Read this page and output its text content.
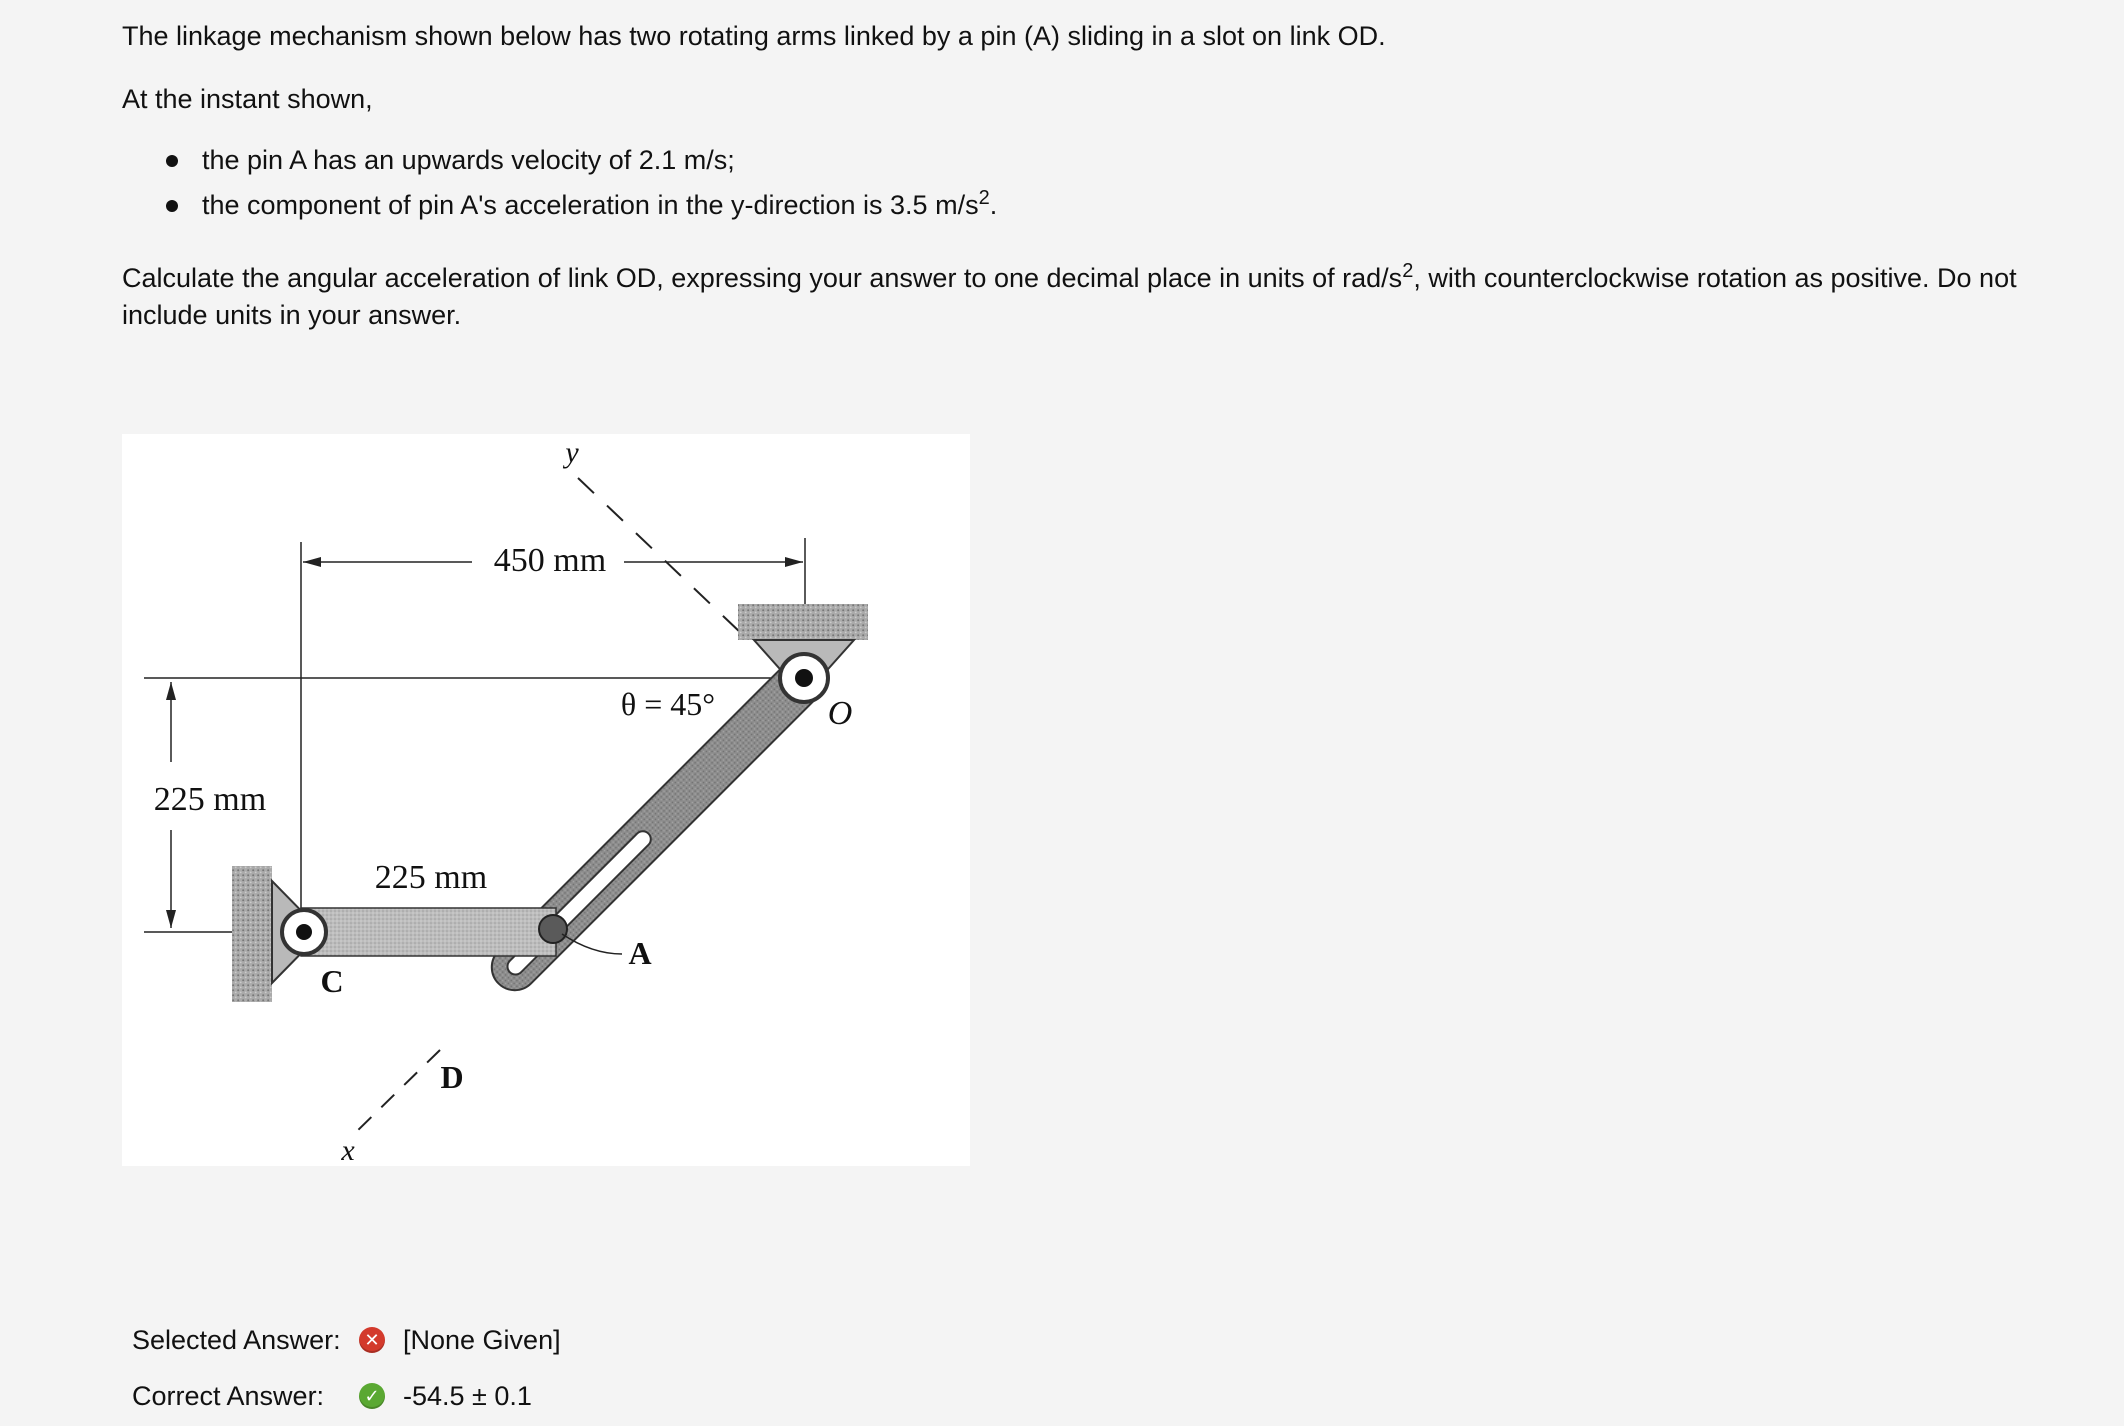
The linkage mechanism shown below has two rotating arms linked by a pin (A) sliding in a slot on link OD.

At the instant shown,

the pin A has an upwards velocity of 2.1 m/s;
the component of pin A's acceleration in the y-direction is 3.5 $m/s^2$.

Calculate the angular acceleration of link OD, expressing your answer to one decimal place in units of rad/$s^2$, with counterclockwise rotation as positive. Do not include units in your answer.

y
450 mm
225 mm
x
θ = 45°	O
225 mm
C
A
D
Selected Answer:	✕ [None Given]
Correct Answer:	✓ -54.5 ± 0.1
